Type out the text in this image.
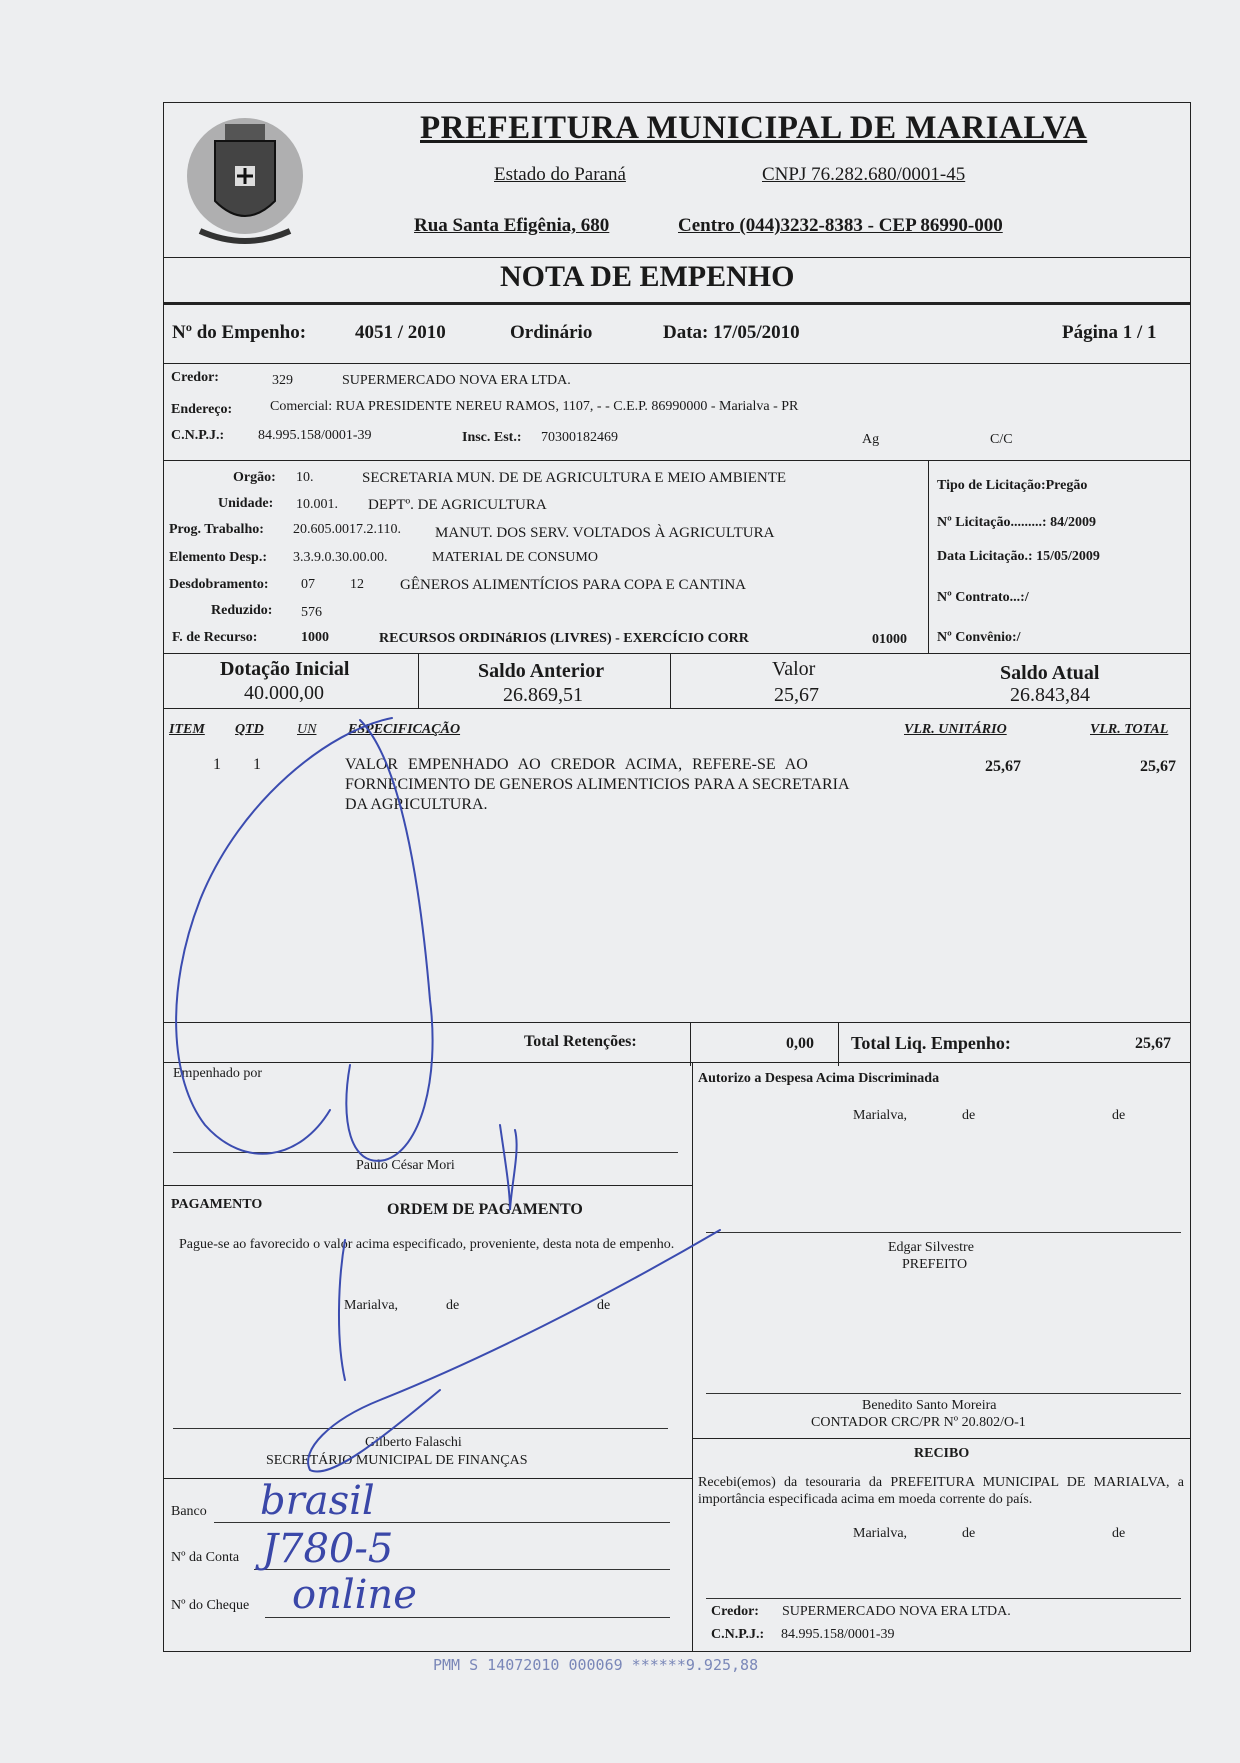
PREFEITURA MUNICIPAL DE MARIALVA
Estado do Paraná	CNPJ 76.282.680/0001-45
Rua Santa Efigênia, 680	Centro (044)3232-8383 - CEP 86990-000
NOTA DE EMPENHO
Nº do Empenho:	4051 / 2010	Ordinário	Data: 17/05/2010	Página 1 / 1
Credor:	329	SUPERMERCADO NOVA ERA LTDA.
Endereço:	Comercial: RUA PRESIDENTE NEREU RAMOS, 1107, - - C.E.P. 86990000 - Marialva - PR
C.N.P.J.: 84.995.158/0001-39	Insc. Est.: 70300182469	Ag	C/C
Orgão: 10.	SECRETARIA MUN. DE DE AGRICULTURA E MEIO AMBIENTE
Unidade: 10.001. DEPTº. DE AGRICULTURA
Prog. Trabalho: 20.605.0017.2.110. MANUT. DOS SERV. VOLTADOS À AGRICULTURA
Elemento Desp.: 3.3.9.0.30.00.00.	MATERIAL DE CONSUMO
Desdobramento: 07	12 GÊNEROS ALIMENTÍCIOS PARA COPA E CANTINA
Reduzido: 576
F. de Recurso:	1000	RECURSOS ORDINáRIOS (LIVRES) - EXERCÍCIO CORR	01000
Tipo de Licitação:Pregão
Nº Licitação.........: 84/2009
Data Licitação.: 15/05/2009
Nº Contrato...:/
Nº Convênio:/
Dotação Inicial
40.000,00
Saldo Anterior
26.869,51
Valor
25,67
Saldo Atual
26.843,84
ITEM QTD UN ESPECIFICAÇÃO	VLR. UNITÁRIO	VLR. TOTAL
1 1	VALOR EMPENHADO AO CREDOR ACIMA, REFERE-SE AO
FORNECIMENTO DE GENEROS ALIMENTICIOS PARA A SECRETARIA
DA AGRICULTURA.
25,67	25,67
Total Retenções:	0,00 Total Liq. Empenho:	25,67
Empenhado por
Paulo César Mori
PAGAMENTO	ORDEM DE PAGAMENTO
Pague-se ao favorecido o valor acima especificado, proveniente, desta nota de empenho.
Marialva,	de	de
Gilberto Falaschi
SECRETÁRIO MUNICIPAL DE FINANÇAS
Banco brasil
Nº da Conta J780-5
Nº do Cheque online
Autorizo a Despesa Acima Discriminada
Marialva,	de	de
Edgar Silvestre
PREFEITO
Benedito Santo Moreira
CONTADOR CRC/PR Nº 20.802/O-1
RECIBO
Recebi(emos) da tesouraria da PREFEITURA MUNICIPAL DE MARIALVA, a importância especificada acima em moeda corrente do país.
Marialva,	de	de
Credor: SUPERMERCADO NOVA ERA LTDA.
C.N.P.J.: 84.995.158/0001-39
PMM S 14072010 000069 ******9.925,88
